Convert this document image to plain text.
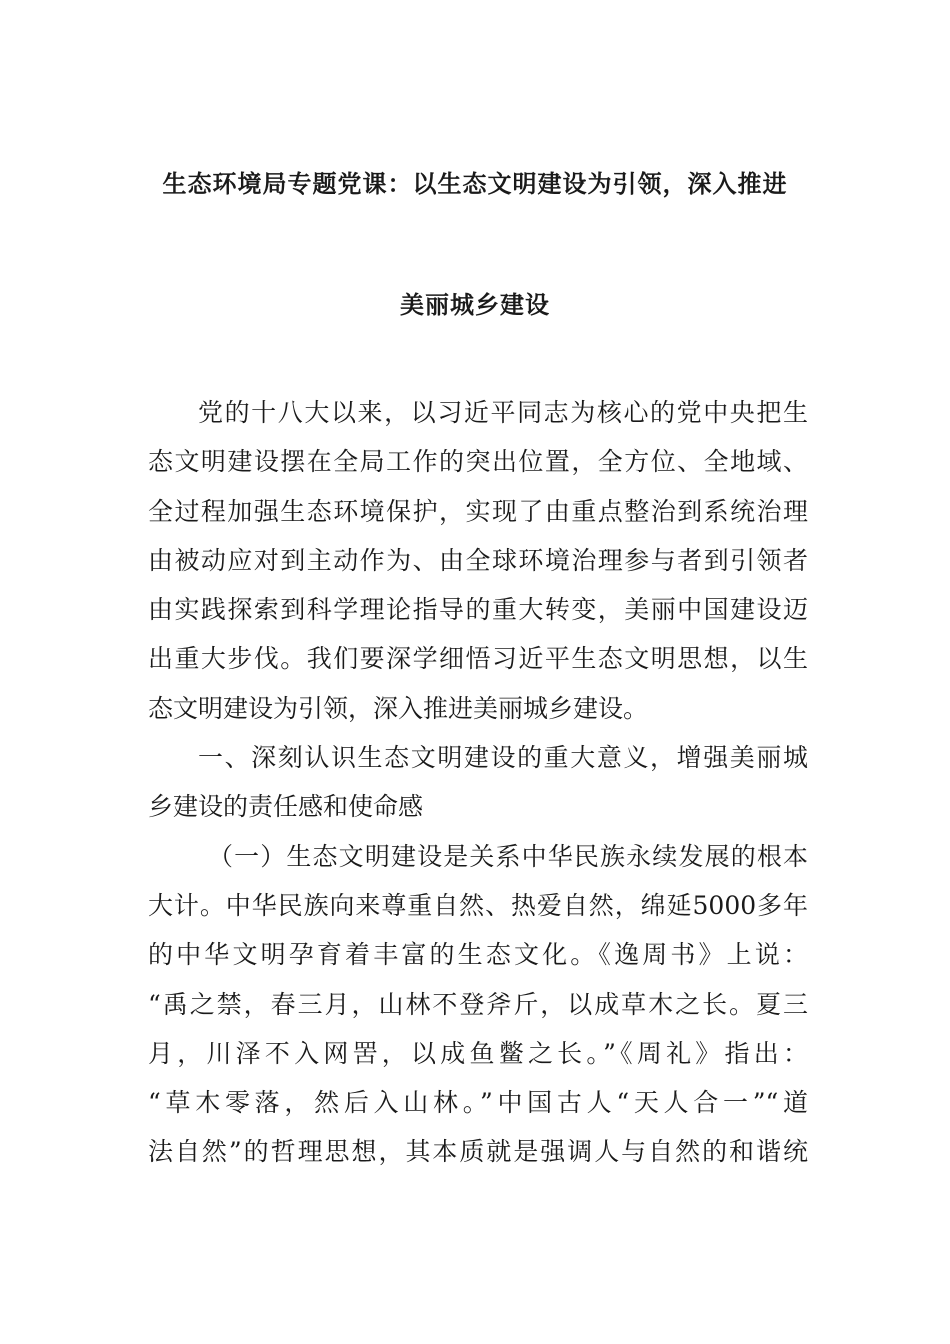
生态环境局专题党课：以生态文明建设为引领，深入推进
美丽城乡建设
党的十八大以来，以习近平同志为核心的党中央把生
态文明建设摆在全局工作的突出位置，全方位、全地域、
全过程加强生态环境保护，实现了由重点整治到系统治理
由被动应对到主动作为、由全球环境治理参与者到引领者
由实践探索到科学理论指导的重大转变，美丽中国建设迈
出重大步伐。我们要深学细悟习近平生态文明思想，以生
态文明建设为引领，深入推进美丽城乡建设。
一、深刻认识生态文明建设的重大意义，增强美丽城
乡建设的责任感和使命感
（一）生态文明建设是关系中华民族永续发展的根本
大计。中华民族向来尊重自然、热爱自然，绵延5000多年
的中华文明孕育着丰富的生态文化。《逸周书》上说：
“禹之禁，春三月，山林不登斧斤，以成草木之长。夏三
月，川泽不入网罟，以成鱼鳖之长。”《周礼》指出：
“草木零落，然后入山林。”中国古人“天人合一”“道
法自然”的哲理思想，其本质就是强调人与自然的和谐统
